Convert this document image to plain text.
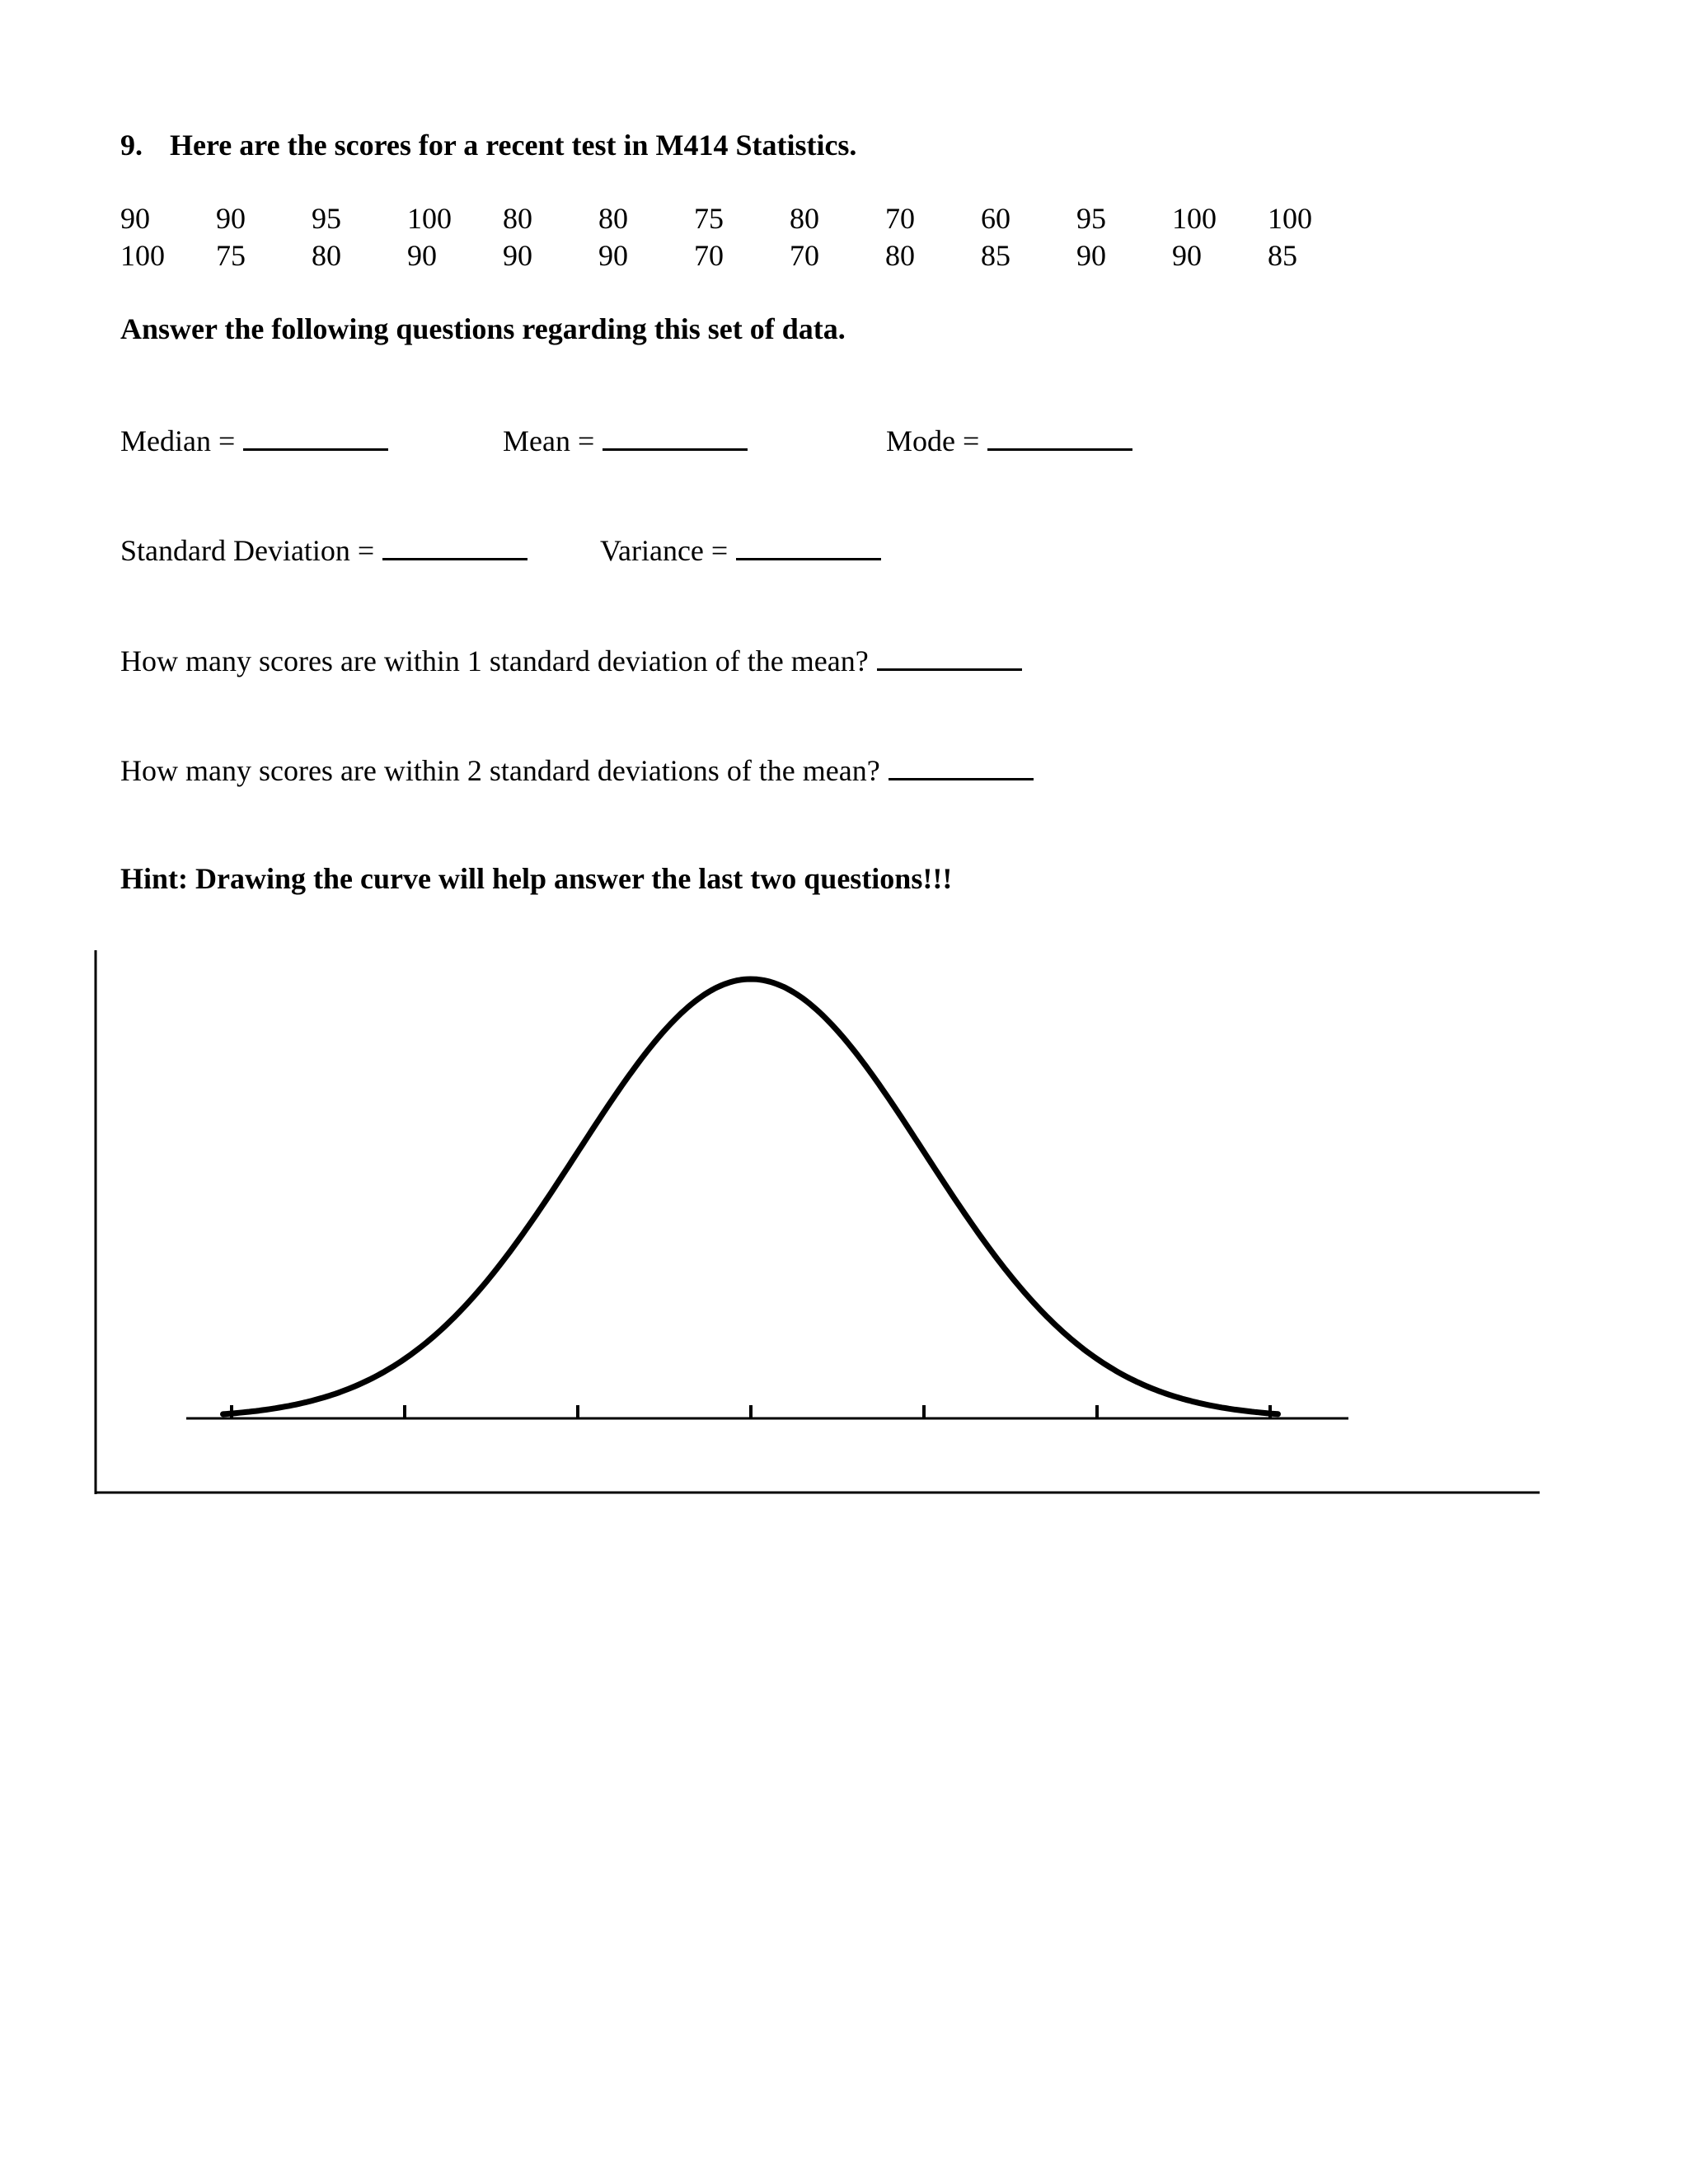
9. Here are the scores for a recent test in M414 Statistics.
90 90 95 100 80 80 75 80 70 60 95 100 100
100 75 80 90 90 90 70 70 80 85 90 90 85
Answer the following questions regarding this set of data.
Median =	Mean =	Mode =
Standard Deviation =	Variance =
How many scores are within 1 standard deviation of the mean?
How many scores are within 2 standard deviations of the mean?
Hint: Drawing the curve will help answer the last two questions!!!
